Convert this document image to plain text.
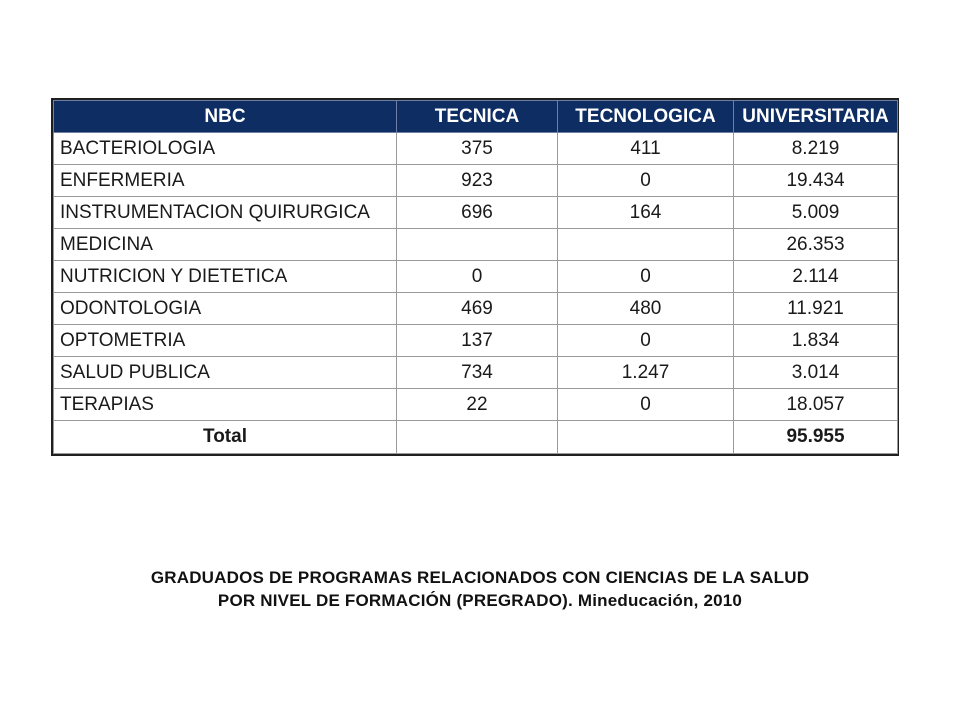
NBC	TECNICA	TECNOLOGICA	UNIVERSITARIA
BACTERIOLOGIA	375	411	8.219
ENFERMERIA	923	0	19.434
INSTRUMENTACION QUIRURGICA	696	164	5.009
MEDICINA			26.353
NUTRICION Y DIETETICA	0	0	2.114
ODONTOLOGIA	469	480	11.921
OPTOMETRIA	137	0	1.834
SALUD PUBLICA	734	1.247	3.014
TERAPIAS	22	0	18.057
Total			95.955
GRADUADOS DE PROGRAMAS RELACIONADOS CON CIENCIAS DE LA SALUD
POR NIVEL DE FORMACIÓN (PREGRADO). Mineducación, 2010
